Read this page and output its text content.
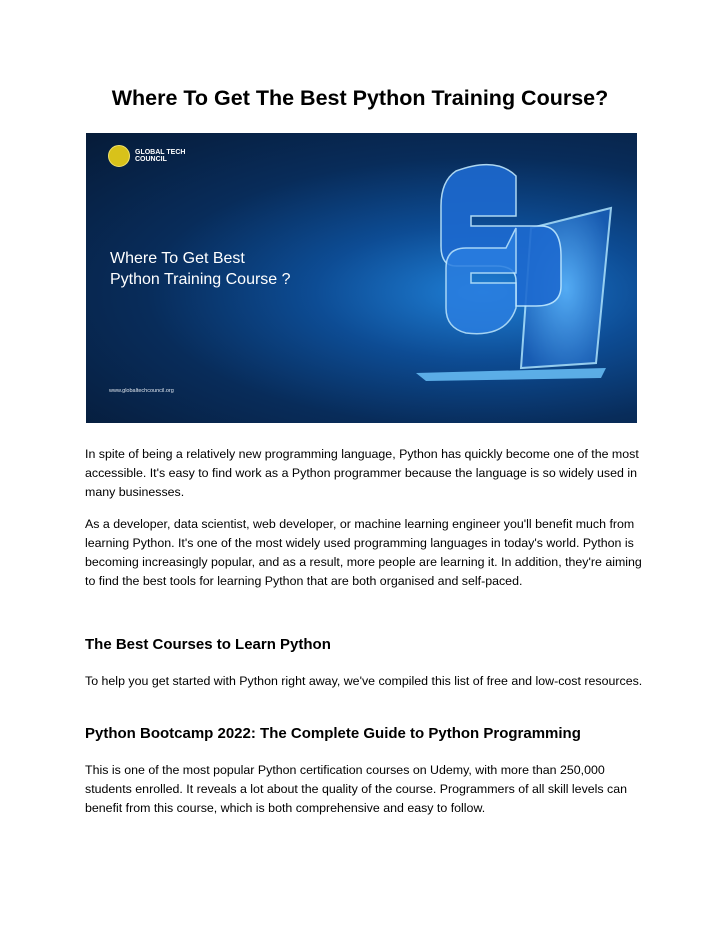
Where To Get The Best Python Training Course?
GLOBAL TECH
COUNCIL
Where To Get Best
Python Training Course ?
www.globaltechcouncil.org

In spite of being a relatively new programming language, Python has quickly become one of the most accessible. It's easy to find work as a Python programmer because the language is so widely used in many businesses.

As a developer, data scientist, web developer, or machine learning engineer you'll benefit much from learning Python. It's one of the most widely used programming languages in today's world. Python is becoming increasingly popular, and as a result, more people are learning it. In addition, they're aiming to find the best tools for learning Python that are both organised and self-paced.

The Best Courses to Learn Python

To help you get started with Python right away, we've compiled this list of free and low-cost resources.

Python Bootcamp 2022: The Complete Guide to Python Programming

This is one of the most popular Python certification courses on Udemy, with more than 250,000 students enrolled. It reveals a lot about the quality of the course. Programmers of all skill levels can benefit from this course, which is both comprehensive and easy to follow.
